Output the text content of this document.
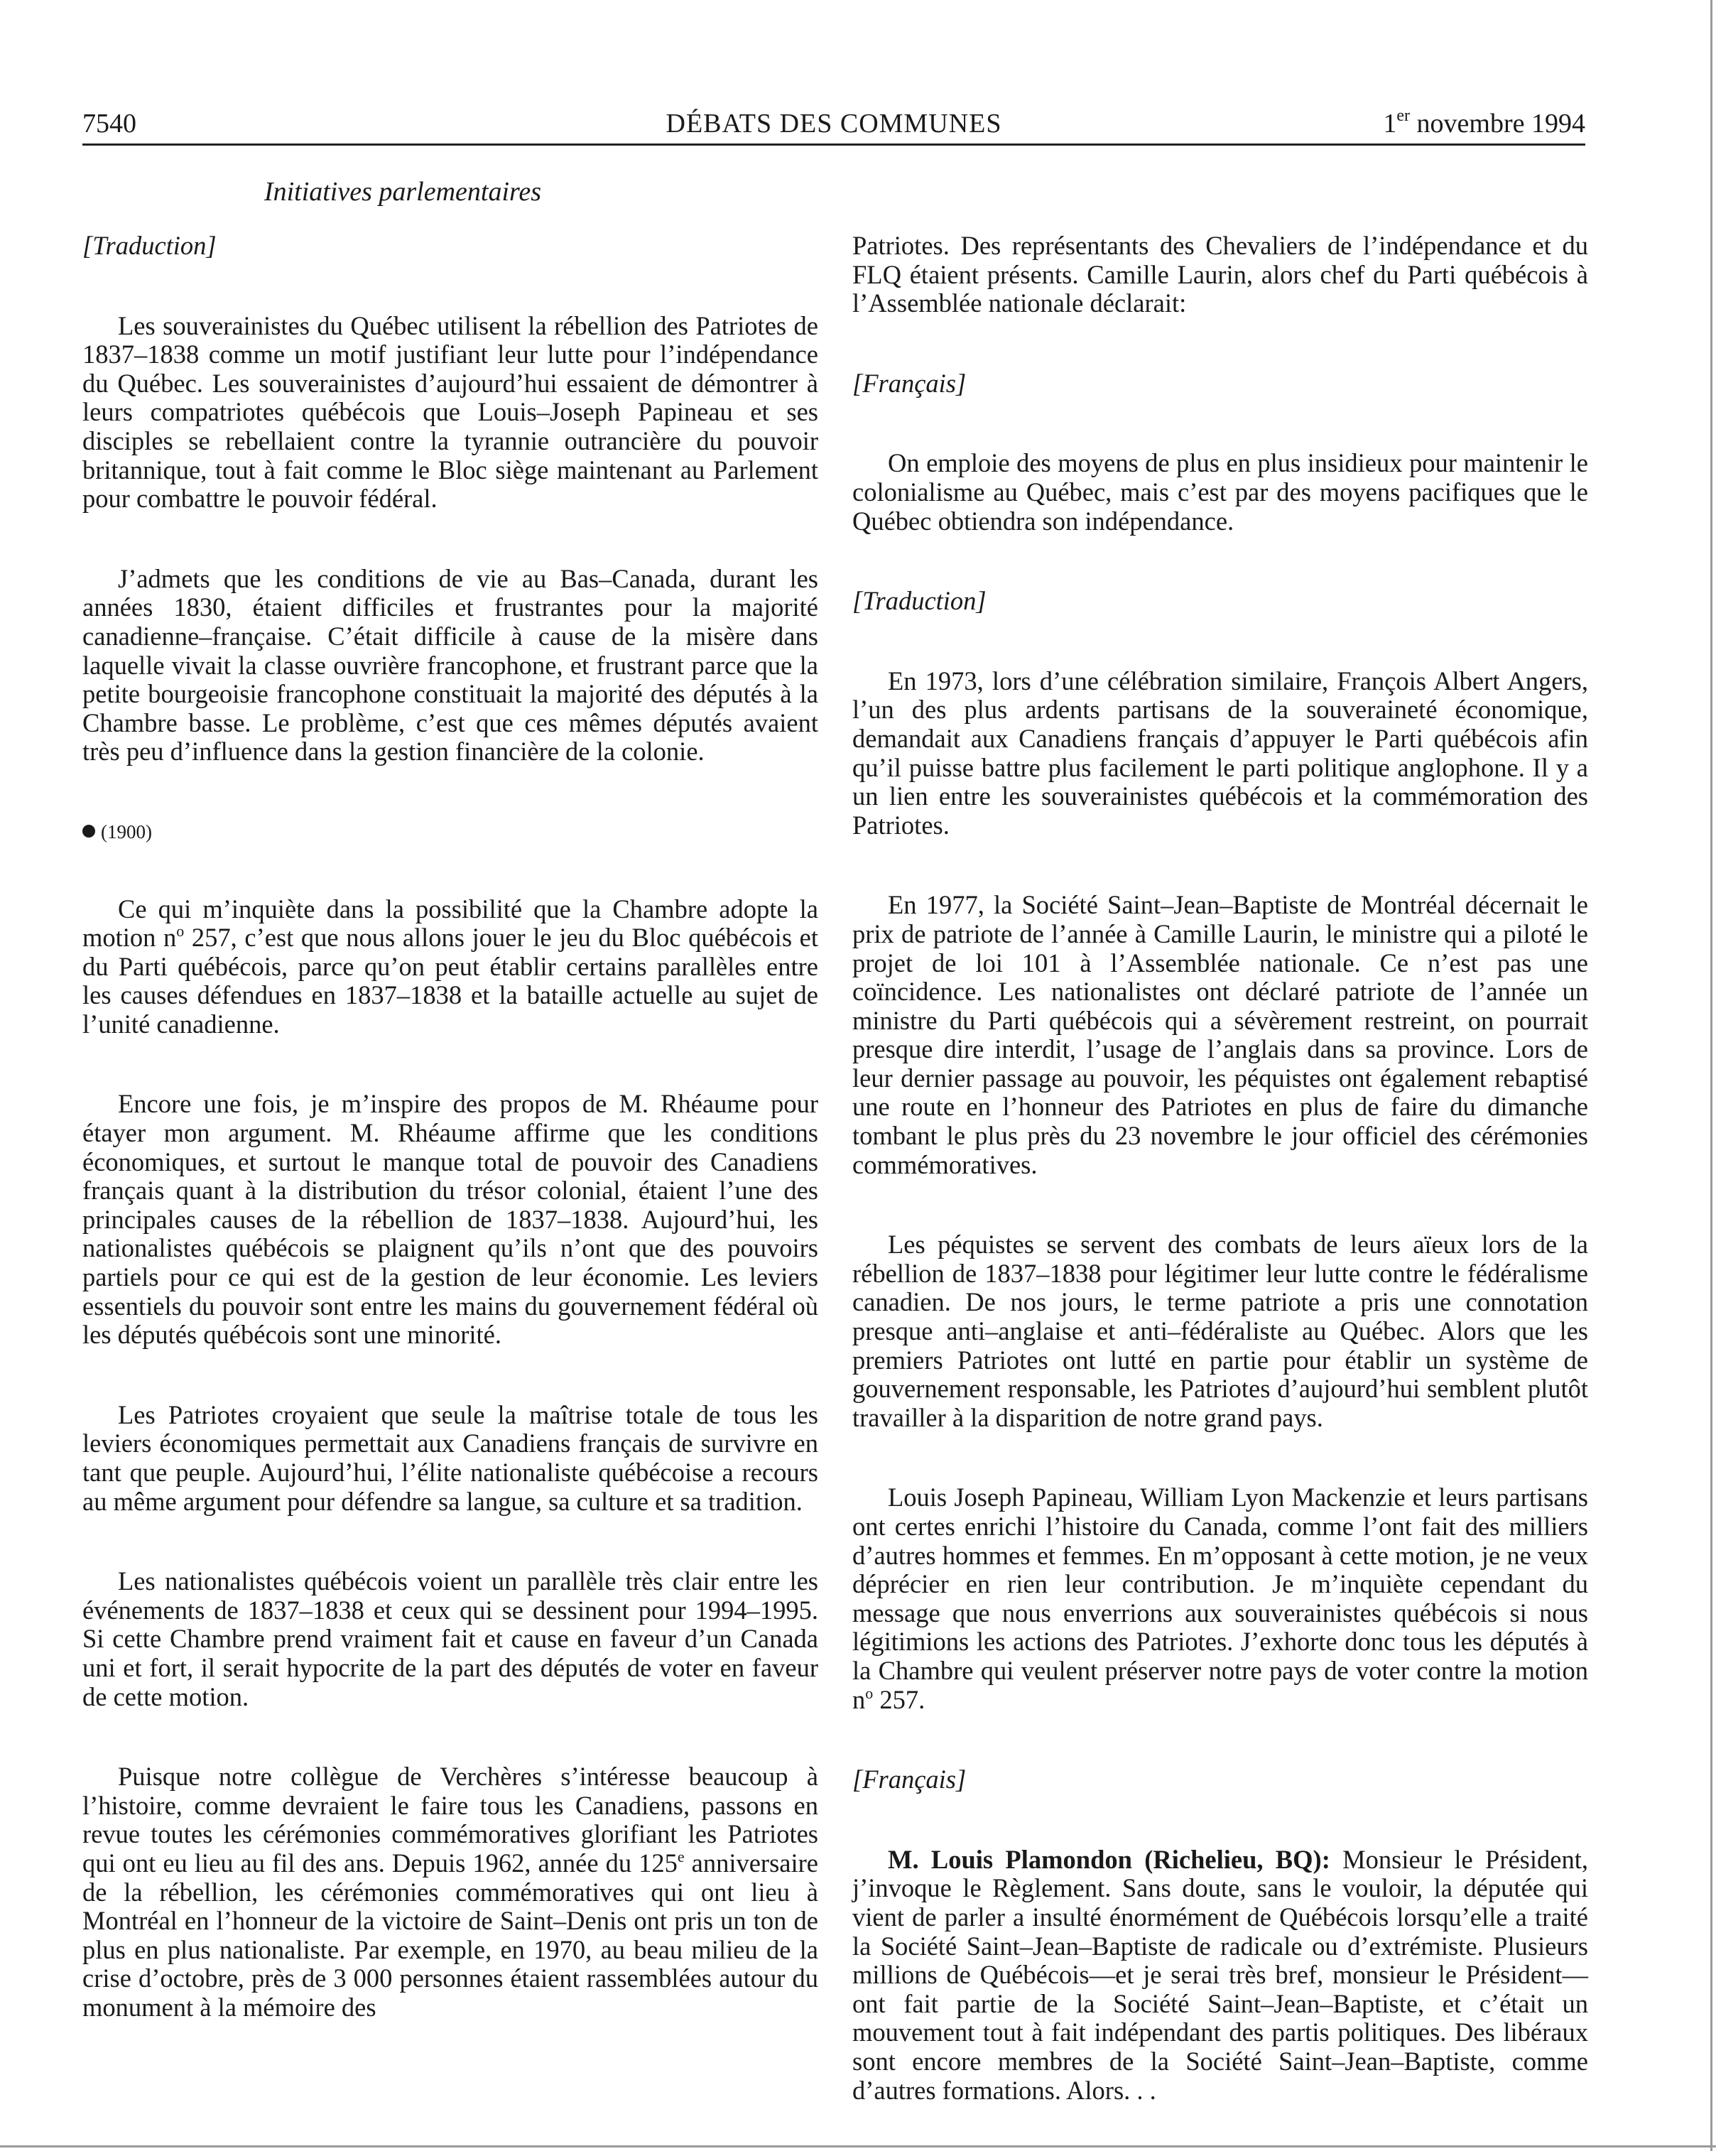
7540	DÉBATS DES COMMUNES	1er novembre 1994
Initiatives parlementaires

[Traduction]

Les souverainistes du Québec utilisent la rébellion des Patriotes de 1837–1838 comme un motif justifiant leur lutte pour l’indépendance du Québec. Les souverainistes d’aujourd’hui essaient de démontrer à leurs compatriotes québécois que Louis–Joseph Papineau et ses disciples se rebellaient contre la tyrannie outrancière du pouvoir britannique, tout à fait comme le Bloc siège maintenant au Parlement pour combattre le pouvoir fédéral.

J’admets que les conditions de vie au Bas–Canada, durant les années 1830, étaient difficiles et frustrantes pour la majorité canadienne–française. C’était difficile à cause de la misère dans laquelle vivait la classe ouvrière francophone, et frustrant parce que la petite bourgeoisie francophone constituait la majorité des députés à la Chambre basse. Le problème, c’est que ces mêmes députés avaient très peu d’influence dans la gestion financière de la colonie.

(1900)

Ce qui m’inquiète dans la possibilité que la Chambre adopte la motion $n^o$ 257, c’est que nous allons jouer le jeu du Bloc québécois et du Parti québécois, parce qu’on peut établir certains parallèles entre les causes défendues en 1837–1838 et la bataille actuelle au sujet de l’unité canadienne.

Encore une fois, je m’inspire des propos de M. Rhéaume pour étayer mon argument. M. Rhéaume affirme que les conditions économiques, et surtout le manque total de pouvoir des Canadiens français quant à la distribution du trésor colonial, étaient l’une des principales causes de la rébellion de 1837–1838. Aujourd’hui, les nationalistes québécois se plaignent qu’ils n’ont que des pouvoirs partiels pour ce qui est de la gestion de leur économie. Les leviers essentiels du pouvoir sont entre les mains du gouvernement fédéral où les députés québécois sont une minorité.

Les Patriotes croyaient que seule la maîtrise totale de tous les leviers économiques permettait aux Canadiens français de survivre en tant que peuple. Aujourd’hui, l’élite nationaliste québécoise a recours au même argument pour défendre sa langue, sa culture et sa tradition.

Les nationalistes québécois voient un parallèle très clair entre les événements de 1837–1838 et ceux qui se dessinent pour 1994–1995. Si cette Chambre prend vraiment fait et cause en faveur d’un Canada uni et fort, il serait hypocrite de la part des députés de voter en faveur de cette motion.

Puisque notre collègue de Verchères s’intéresse beaucoup à l’histoire, comme devraient le faire tous les Canadiens, passons en revue toutes les cérémonies commémoratives glorifiant les Patriotes qui ont eu lieu au fil des ans. Depuis 1962, année du 125e anniversaire de la rébellion, les cérémonies commémoratives qui ont lieu à Montréal en l’honneur de la victoire de Saint–Denis ont pris un ton de plus en plus nationaliste. Par exemple, en 1970, au beau milieu de la crise d’octobre, près de 3 000 personnes étaient rassemblées autour du monument à la mémoire des

Patriotes. Des représentants des Chevaliers de l’indépendance et du FLQ étaient présents. Camille Laurin, alors chef du Parti québécois à l’Assemblée nationale déclarait:

[Français]

On emploie des moyens de plus en plus insidieux pour maintenir le colonialisme au Québec, mais c’est par des moyens pacifiques que le Québec obtiendra son indépendance.

[Traduction]

En 1973, lors d’une célébration similaire, François Albert Angers, l’un des plus ardents partisans de la souveraineté économique, demandait aux Canadiens français d’appuyer le Parti québécois afin qu’il puisse battre plus facilement le parti politique anglophone. Il y a un lien entre les souverainistes québécois et la commémoration des Patriotes.

En 1977, la Société Saint–Jean–Baptiste de Montréal décernait le prix de patriote de l’année à Camille Laurin, le ministre qui a piloté le projet de loi 101 à l’Assemblée nationale. Ce n’est pas une coïncidence. Les nationalistes ont déclaré patriote de l’année un ministre du Parti québécois qui a sévèrement restreint, on pourrait presque dire interdit, l’usage de l’anglais dans sa province. Lors de leur dernier passage au pouvoir, les péquistes ont également rebaptisé une route en l’honneur des Patriotes en plus de faire du dimanche tombant le plus près du 23 novembre le jour officiel des cérémonies commémoratives.

Les péquistes se servent des combats de leurs aïeux lors de la rébellion de 1837–1838 pour légitimer leur lutte contre le fédéralisme canadien. De nos jours, le terme patriote a pris une connotation presque anti–anglaise et anti–fédéraliste au Québec. Alors que les premiers Patriotes ont lutté en partie pour établir un système de gouvernement responsable, les Patriotes d’aujourd’hui semblent plutôt travailler à la disparition de notre grand pays.

Louis Joseph Papineau, William Lyon Mackenzie et leurs partisans ont certes enrichi l’histoire du Canada, comme l’ont fait des milliers d’autres hommes et femmes. En m’opposant à cette motion, je ne veux déprécier en rien leur contribution. Je m’inquiète cependant du message que nous enverrions aux souverainistes québécois si nous légitimions les actions des Patriotes. J’exhorte donc tous les députés à la Chambre qui veulent préserver notre pays de voter contre la motion $n^o$ 257.

[Français]

M. Louis Plamondon (Richelieu, BQ): Monsieur le Président, j’invoque le Règlement. Sans doute, sans le vouloir, la députée qui vient de parler a insulté énormément de Québécois lorsqu’elle a traité la Société Saint–Jean–Baptiste de radicale ou d’extrémiste. Plusieurs millions de Québécois—et je serai très bref, monsieur le Président—ont fait partie de la Société Saint–Jean–Baptiste, et c’était un mouvement tout à fait indépendant des partis politiques. Des libéraux sont encore membres de la Société Saint–Jean–Baptiste, comme d’autres formations. Alors. . .
